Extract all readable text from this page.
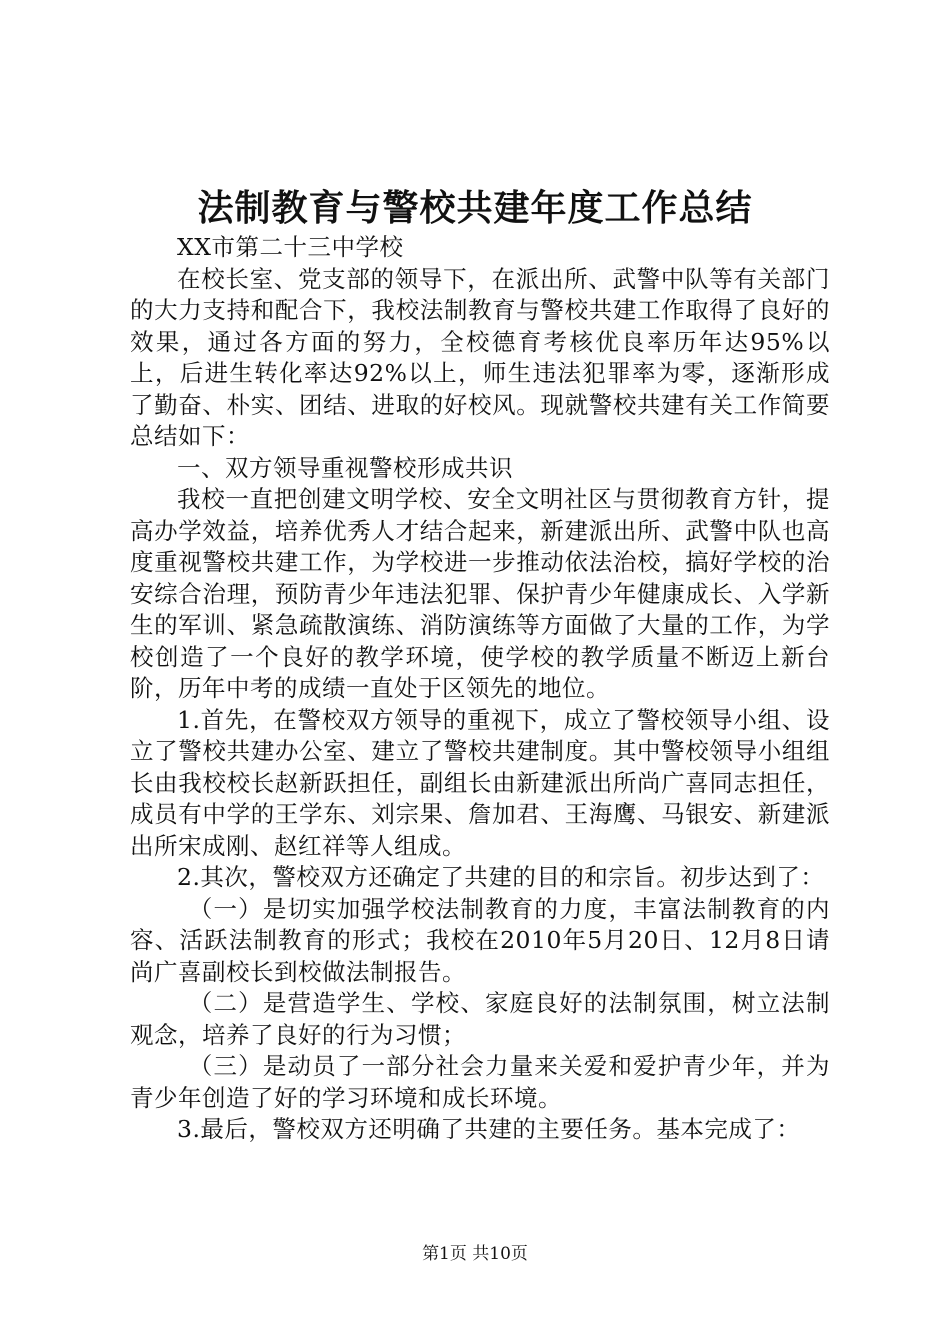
法制教育与警校共建年度工作总结

XX市第二十三中学校

在校长室、党支部的领导下，在派出所、武警中队等有关部门的大力支持和配合下，我校法制教育与警校共建工作取得了良好的效果，通过各方面的努力，全校德育考核优良率历年达95%以上，后进生转化率达92%以上，师生违法犯罪率为零，逐渐形成了勤奋、朴实、团结、进取的好校风。现就警校共建有关工作简要总结如下：

一、双方领导重视警校形成共识

我校一直把创建文明学校、安全文明社区与贯彻教育方针，提高办学效益，培养优秀人才结合起来，新建派出所、武警中队也高度重视警校共建工作，为学校进一步推动依法治校，搞好学校的治安综合治理，预防青少年违法犯罪、保护青少年健康成长、入学新生的军训、紧急疏散演练、消防演练等方面做了大量的工作，为学校创造了一个良好的教学环境，使学校的教学质量不断迈上新台阶，历年中考的成绩一直处于区领先的地位。

1.首先，在警校双方领导的重视下，成立了警校领导小组、设立了警校共建办公室、建立了警校共建制度。其中警校领导小组组长由我校校长赵新跃担任，副组长由新建派出所尚广喜同志担任，成员有中学的王学东、刘宗果、詹加君、王海鹰、马银安、新建派出所宋成刚、赵红祥等人组成。

2.其次，警校双方还确定了共建的目的和宗旨。初步达到了：

（一）是切实加强学校法制教育的力度，丰富法制教育的内容、活跃法制教育的形式；我校在2010年5月20日、12月8日请尚广喜副校长到校做法制报告。

（二）是营造学生、学校、家庭良好的法制氛围，树立法制观念，培养了良好的行为习惯；

（三）是动员了一部分社会力量来关爱和爱护青少年，并为青少年创造了好的学习环境和成长环境。

3.最后，警校双方还明确了共建的主要任务。基本完成了：

第1页 共10页
